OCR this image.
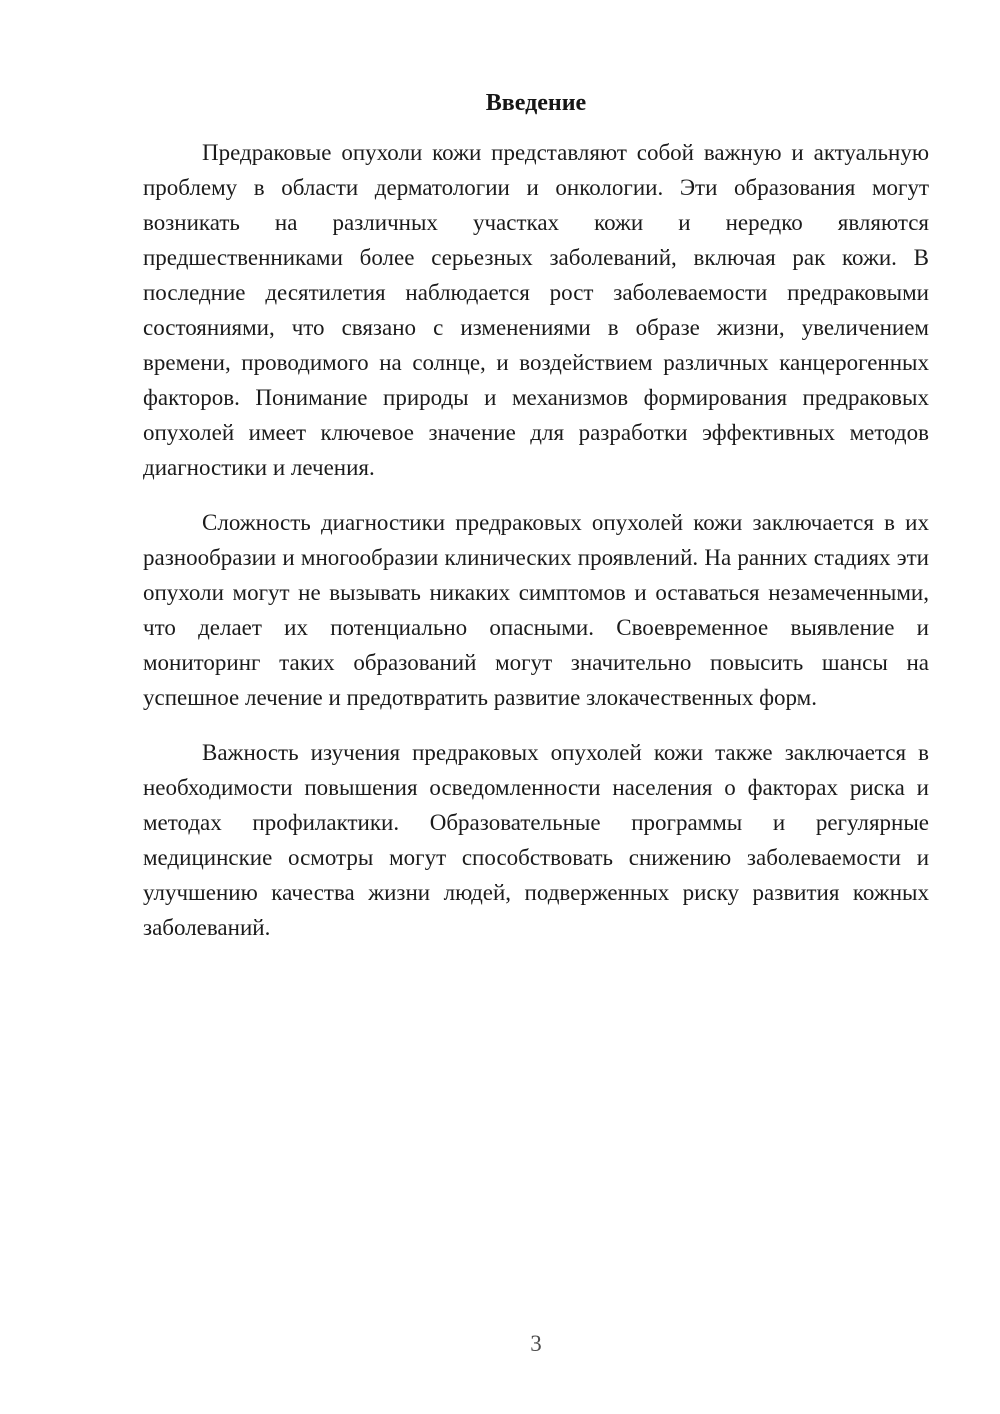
Введение

Предраковые опухоли кожи представляют собой важную и актуальную проблему в области дерматологии и онкологии. Эти образования могут возникать на различных участках кожи и нередко являются предшественниками более серьезных заболеваний, включая рак кожи. В последние десятилетия наблюдается рост заболеваемости предраковыми состояниями, что связано с изменениями в образе жизни, увеличением времени, проводимого на солнце, и воздействием различных канцерогенных факторов. Понимание природы и механизмов формирования предраковых опухолей имеет ключевое значение для разработки эффективных методов диагностики и лечения.

Сложность диагностики предраковых опухолей кожи заключается в их разнообразии и многообразии клинических проявлений. На ранних стадиях эти опухоли могут не вызывать никаких симптомов и оставаться незамеченными, что делает их потенциально опасными. Своевременное выявление и мониторинг таких образований могут значительно повысить шансы на успешное лечение и предотвратить развитие злокачественных форм.

Важность изучения предраковых опухолей кожи также заключается в необходимости повышения осведомленности населения о факторах риска и методах профилактики. Образовательные программы и регулярные медицинские осмотры могут способствовать снижению заболеваемости и улучшению качества жизни людей, подверженных риску развития кожных заболеваний.

3
